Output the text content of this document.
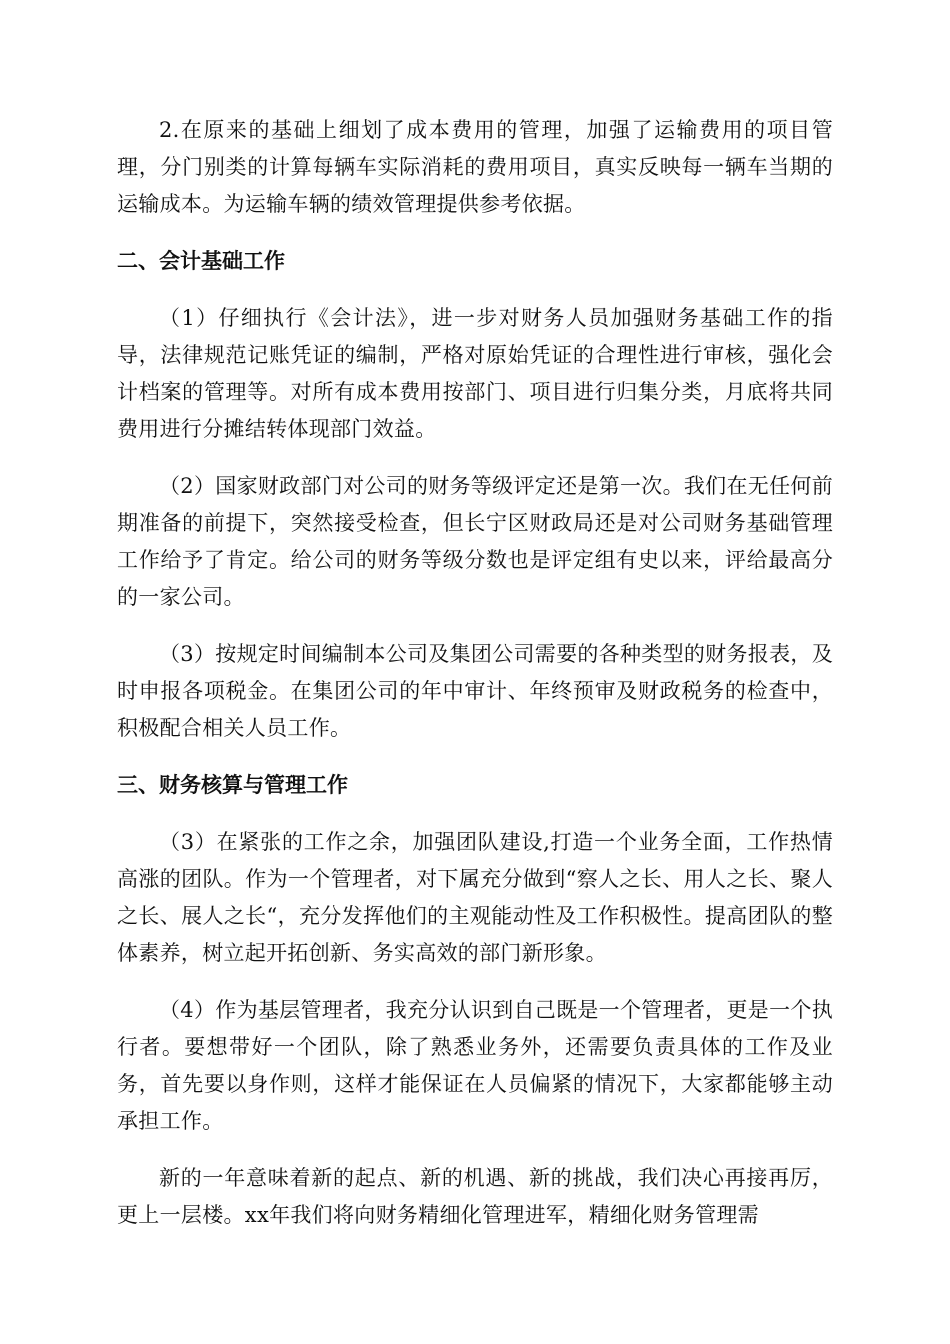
2.在原来的基础上细划了成本费用的管理，加强了运输费用的项目管理，分门别类的计算每辆车实际消耗的费用项目，真实反映每一辆车当期的运输成本。为运输车辆的绩效管理提供参考依据。

二、会计基础工作

（1）仔细执行《会计法》，进一步对财务人员加强财务基础工作的指导，法律规范记账凭证的编制，严格对原始凭证的合理性进行审核，强化会计档案的管理等。对所有成本费用按部门、项目进行归集分类，月底将共同费用进行分摊结转体现部门效益。

（2）国家财政部门对公司的财务等级评定还是第一次。我们在无任何前期准备的前提下，突然接受检查，但长宁区财政局还是对公司财务基础管理工作给予了肯定。给公司的财务等级分数也是评定组有史以来，评给最高分的一家公司。

（3）按规定时间编制本公司及集团公司需要的各种类型的财务报表，及时申报各项税金。在集团公司的年中审计、年终预审及财政税务的检查中，积极配合相关人员工作。

三、财务核算与管理工作

（3）在紧张的工作之余，加强团队建设,打造一个业务全面，工作热情高涨的团队。作为一个管理者，对下属充分做到“察人之长、用人之长、聚人之长、展人之长“，充分发挥他们的主观能动性及工作积极性。提高团队的整体素养，树立起开拓创新、务实高效的部门新形象。

（4）作为基层管理者，我充分认识到自己既是一个管理者，更是一个执行者。要想带好一个团队，除了熟悉业务外，还需要负责具体的工作及业务，首先要以身作则，这样才能保证在人员偏紧的情况下，大家都能够主动承担工作。

新的一年意味着新的起点、新的机遇、新的挑战，我们决心再接再厉，更上一层楼。xx年我们将向财务精细化管理进军，精细化财务管理需
